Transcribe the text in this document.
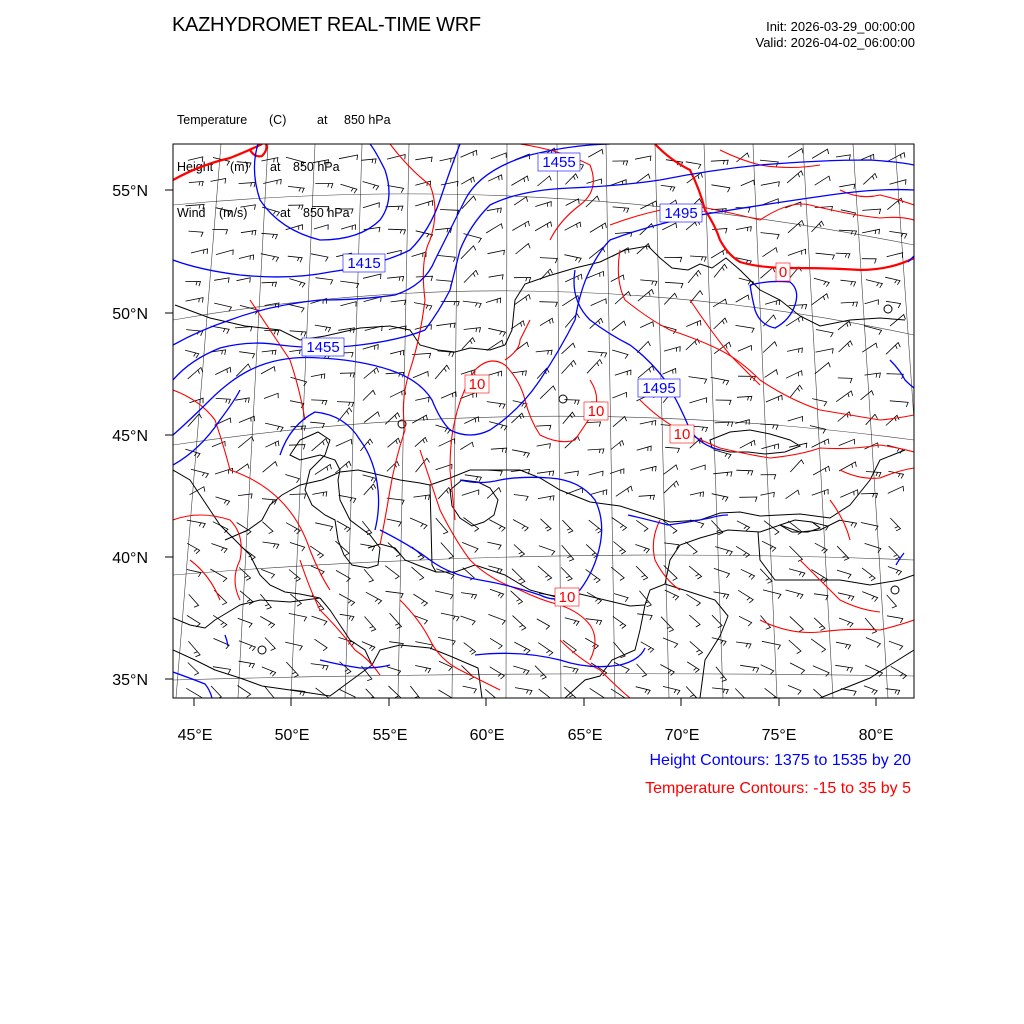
KAZHYDROMET REAL-TIME WRF	Init: 2026-03-29_00:00:00
Valid: 2026-04-02_06:00:00

Temperature (C) at 850 hPa

Height (m) at 850 hPa

Wind (m/s)	at 850 hPa

1455
1495
1415
1455
1495
10
10
10
10
0
45°E	50°E	55°E	60°E	65°E	70°E	75°E	80°E
55°N
50°N
45°N
40°N
35°N
Height Contours: 1375 to 1535 by 20
Temperature Contours: -15 to 35 by 5
